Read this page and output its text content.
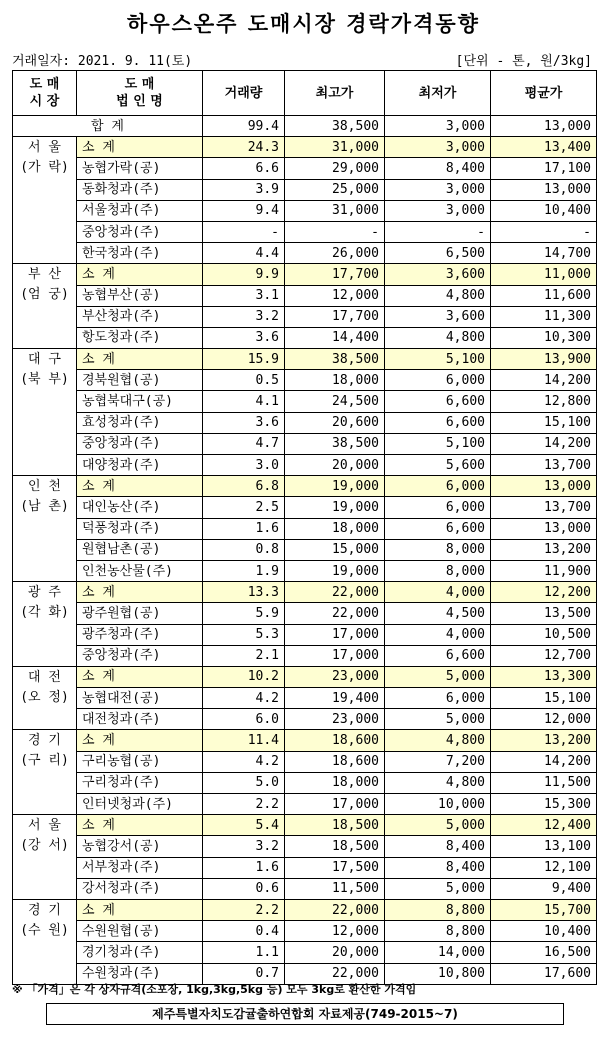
하우스온주 도매시장 경락가격동향
거래일자: 2021. 9. 11(토)	[단위 - 톤, 원/3kg]
도 매
시 장	도 매
법 인 명	거래량	최고가	최저가	평균가
합 계		99.4	38,500	3,000	13,000

서 울
(가 락)	소 계	24.3	31,000	3,000	13,400
	농협가락(공)	6.6	29,000	8,400	17,100
	동화청과(주)	3.9	25,000	3,000	13,000
	서울청과(주)	9.4	31,000	3,000	10,400
	중앙청과(주)	-	-	-	-
	한국청과(주)	4.4	26,000	6,500	14,700

부 산
(엄 궁)	소 계	9.9	17,700	3,600	11,000
	농협부산(공)	3.1	12,000	4,800	11,600
	부산청과(주)	3.2	17,700	3,600	11,300
	항도청과(주)	3.6	14,400	4,800	10,300

대 구
(북 부)	소 계	15.9	38,500	5,100	13,900
	경북원협(공)	0.5	18,000	6,000	14,200
	농협북대구(공)	4.1	24,500	6,600	12,800
	효성청과(주)	3.6	20,600	6,600	15,100
	중앙청과(주)	4.7	38,500	5,100	14,200
	대양청과(주)	3.0	20,000	5,600	13,700

인 천
(남 촌)	소 계	6.8	19,000	6,000	13,000
	대인농산(주)	2.5	19,000	6,000	13,700
	덕풍청과(주)	1.6	18,000	6,600	13,000
	원협남촌(공)	0.8	15,000	8,000	13,200
	인천농산물(주)	1.9	19,000	8,000	11,900

광 주
(각 화)	소 계	13.3	22,000	4,000	12,200
	광주원협(공)	5.9	22,000	4,500	13,500
	광주청과(주)	5.3	17,000	4,000	10,500
	중앙청과(주)	2.1	17,000	6,600	12,700

대 전
(오 정)	소 계	10.2	23,000	5,000	13,300
	농협대전(공)	4.2	19,400	6,000	15,100
	대전청과(주)	6.0	23,000	5,000	12,000

경 기
(구 리)	소 계	11.4	18,600	4,800	13,200
	구리농협(공)	4.2	18,600	7,200	14,200
	구리청과(주)	5.0	18,000	4,800	11,500
	인터넷청과(주)	2.2	17,000	10,000	15,300

서 울
(강 서)	소 계	5.4	18,500	5,000	12,400
	농협강서(공)	3.2	18,500	8,400	13,100
	서부청과(주)	1.6	17,500	8,400	12,100
	강서청과(주)	0.6	11,500	5,000	9,400

경 기
(수 원)	소 계	2.2	22,000	8,800	15,700
	수원원협(공)	0.4	12,000	8,800	10,400
	경기청과(주)	1.1	20,000	14,000	16,500
	수원청과(주)	0.7	22,000	10,800	17,600
※ 「가격」은 각 상자규격(소포장, 1kg,3kg,5kg 등) 모두 3kg로 환산한 가격임
제주특별자치도감귤출하연합회 자료제공(749-2015~7)
